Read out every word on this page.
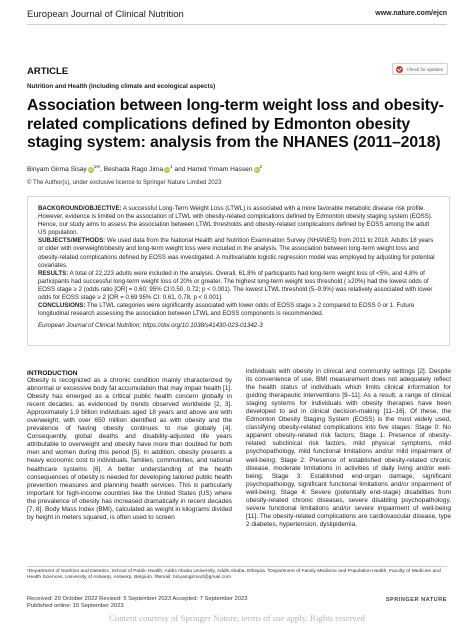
European Journal of Clinical Nutrition	www.nature.com/ejcn
ARTICLE	Check for updates
Nutrition and Health (including climate and ecological aspects)
Association between long-term weight loss and obesity-related complications defined by Edmonton obesity staging system: analysis from the NHANES (2011–2018)
Binyam Girma Sisay $iD^{1✉}$, Beshada Rago Jima $iD^1$ and Hamid Yimam Hassen $iD^2$
© The Author(s), under exclusive licence to Springer Nature Limited 2023

BACKGROUND/OBJECTIVE: A successful Long-Term Weight Loss (LTWL) is associated with a more favorable metabolic disease risk profile. However, evidence is limited on the association of LTWL with obesity-related complications defined by Edmonton obesity staging system (EOSS). Hence, our study aims to assess the association between LTWL thresholds and obesity-related complications defined by EOSS among the adult US population.

SUBJECTS/METHODS: We used data from the National Health and Nutrition Examination Survey (NHANES) from 2011 to 2018. Adults 18 years or older with overweight/obesity and long-term weight loss were included in the analysis. The association between long-term weight loss and obesity-related complications defined by EOSS was investigated. A multivariable logistic regression model was employed by adjusting for potential covariates.

RESULTS: A total of 22,223 adults were included in the analysis. Overall, 61.8% of participants had long-term weight loss of <5%, and 4.8% of participants had successful long-term weight loss of 20% or greater. The highest long-term weight loss threshold ( ≥20%) had the lowest odds of EOSS stage ≥ 2 (odds ratio [OR] = 0.60; 95% CI:0.50, 0.72; p < 0.001). The lowest LTWL threshold (5–9.9%) was relatively associated with lower odds for EOSS stage ≥ 2 [OR = 0.69 95% CI: 0.61, 0.78, p < 0.001].

CONCLUSIONS: The LTWL categories were significantly associated with lower odds of EOSS stage ≥ 2 compared to EOSS 0 or 1. Future longitudinal research assessing the association between LTWL and EOSS components is recommended.

European Journal of Clinical Nutrition; https://doi.org/10.1038/s41430-023-01342-3

INTRODUCTION
Obesity is recognized as a chronic condition mainly characterized by abnormal or excessive body fat accumulation that may impair health [1]. Obesity has emerged as a critical public health concern globally in recent decades, as evidenced by trends observed worldwide [2, 3]. Approximately 1.9 billion individuals aged 18 years and above are with overweight, with over 650 million identified as with obesity and the prevalence of having obesity continues to rise globally [4]. Consequently, global deaths and disability-adjusted life years attributable to overweight and obesity have more than doubled for both men and women during this period [5]. In addition, obesity presents a heavy economic cost to individuals, families, communities, and national healthcare systems [6]. A better understanding of the health consequences of obesity is needed for developing tailored public health prevention measures and planning health services. This is particularly important for high-income countries like the United States (US) where the prevalence of obesity has increased dramatically in recent decades [7, 8]. Body Mass Index (BMI), calculated as weight in kilograms divided by height in meters squared, is often used to screen
individuals with obesity in clinical and community settings [2]. Despite its convenience of use, BMI measurement does not adequately reflect the health status of individuals which limits clinical information for guiding therapeutic interventions [9–11]. As a result, a range of clinical staging systems for individuals with obesity therapies have been developed to aid in clinical decision-making [11–16]. Of these, the Edmonton Obesity Staging System (EOSS) is the most widely used, classifying obesity-related complications into five stages: Stage 0: No apparent obesity-related risk factors; Stage 1: Presence of obesity-related subclinical risk factors, mild physical symptoms, mild psychopathology, mild functional limitations and/or mild impairment of well-being; Stage 2: Presence of established obesity-related chronic disease, moderate limitations in activities of daily living and/or well-being; Stage 3: Established end-organ damage, significant psychopathology, significant functional limitations and/or impairment of well-being; Stage 4: Severe (potentially end-stage) disabilities from obesity-related chronic diseases, severe disabling psychopathology, severe functional limitations and/or severe impairment of well-being [11]. The obesity-related complications are cardiovascular disease, type 2 diabetes, hypertension, dyslipidemia,
¹Department of Nutrition and Dietetics, School of Public Health, Addis Ababa University, Addis Ababa, Ethiopia. ²Department of Family Medicine and Population Health, Faculty of Medicine and Health Sciences, University of Antwerp, Antwerp, Belgium. ✉email: binyamgirma3@gmail.com
Received: 20 October 2022 Revised: 5 September 2023 Accepted: 7 September 2023
Published online: 15 September 2023
SPRINGER NATURE
Content courtesy of Springer Nature, terms of use apply. Rights reserved
